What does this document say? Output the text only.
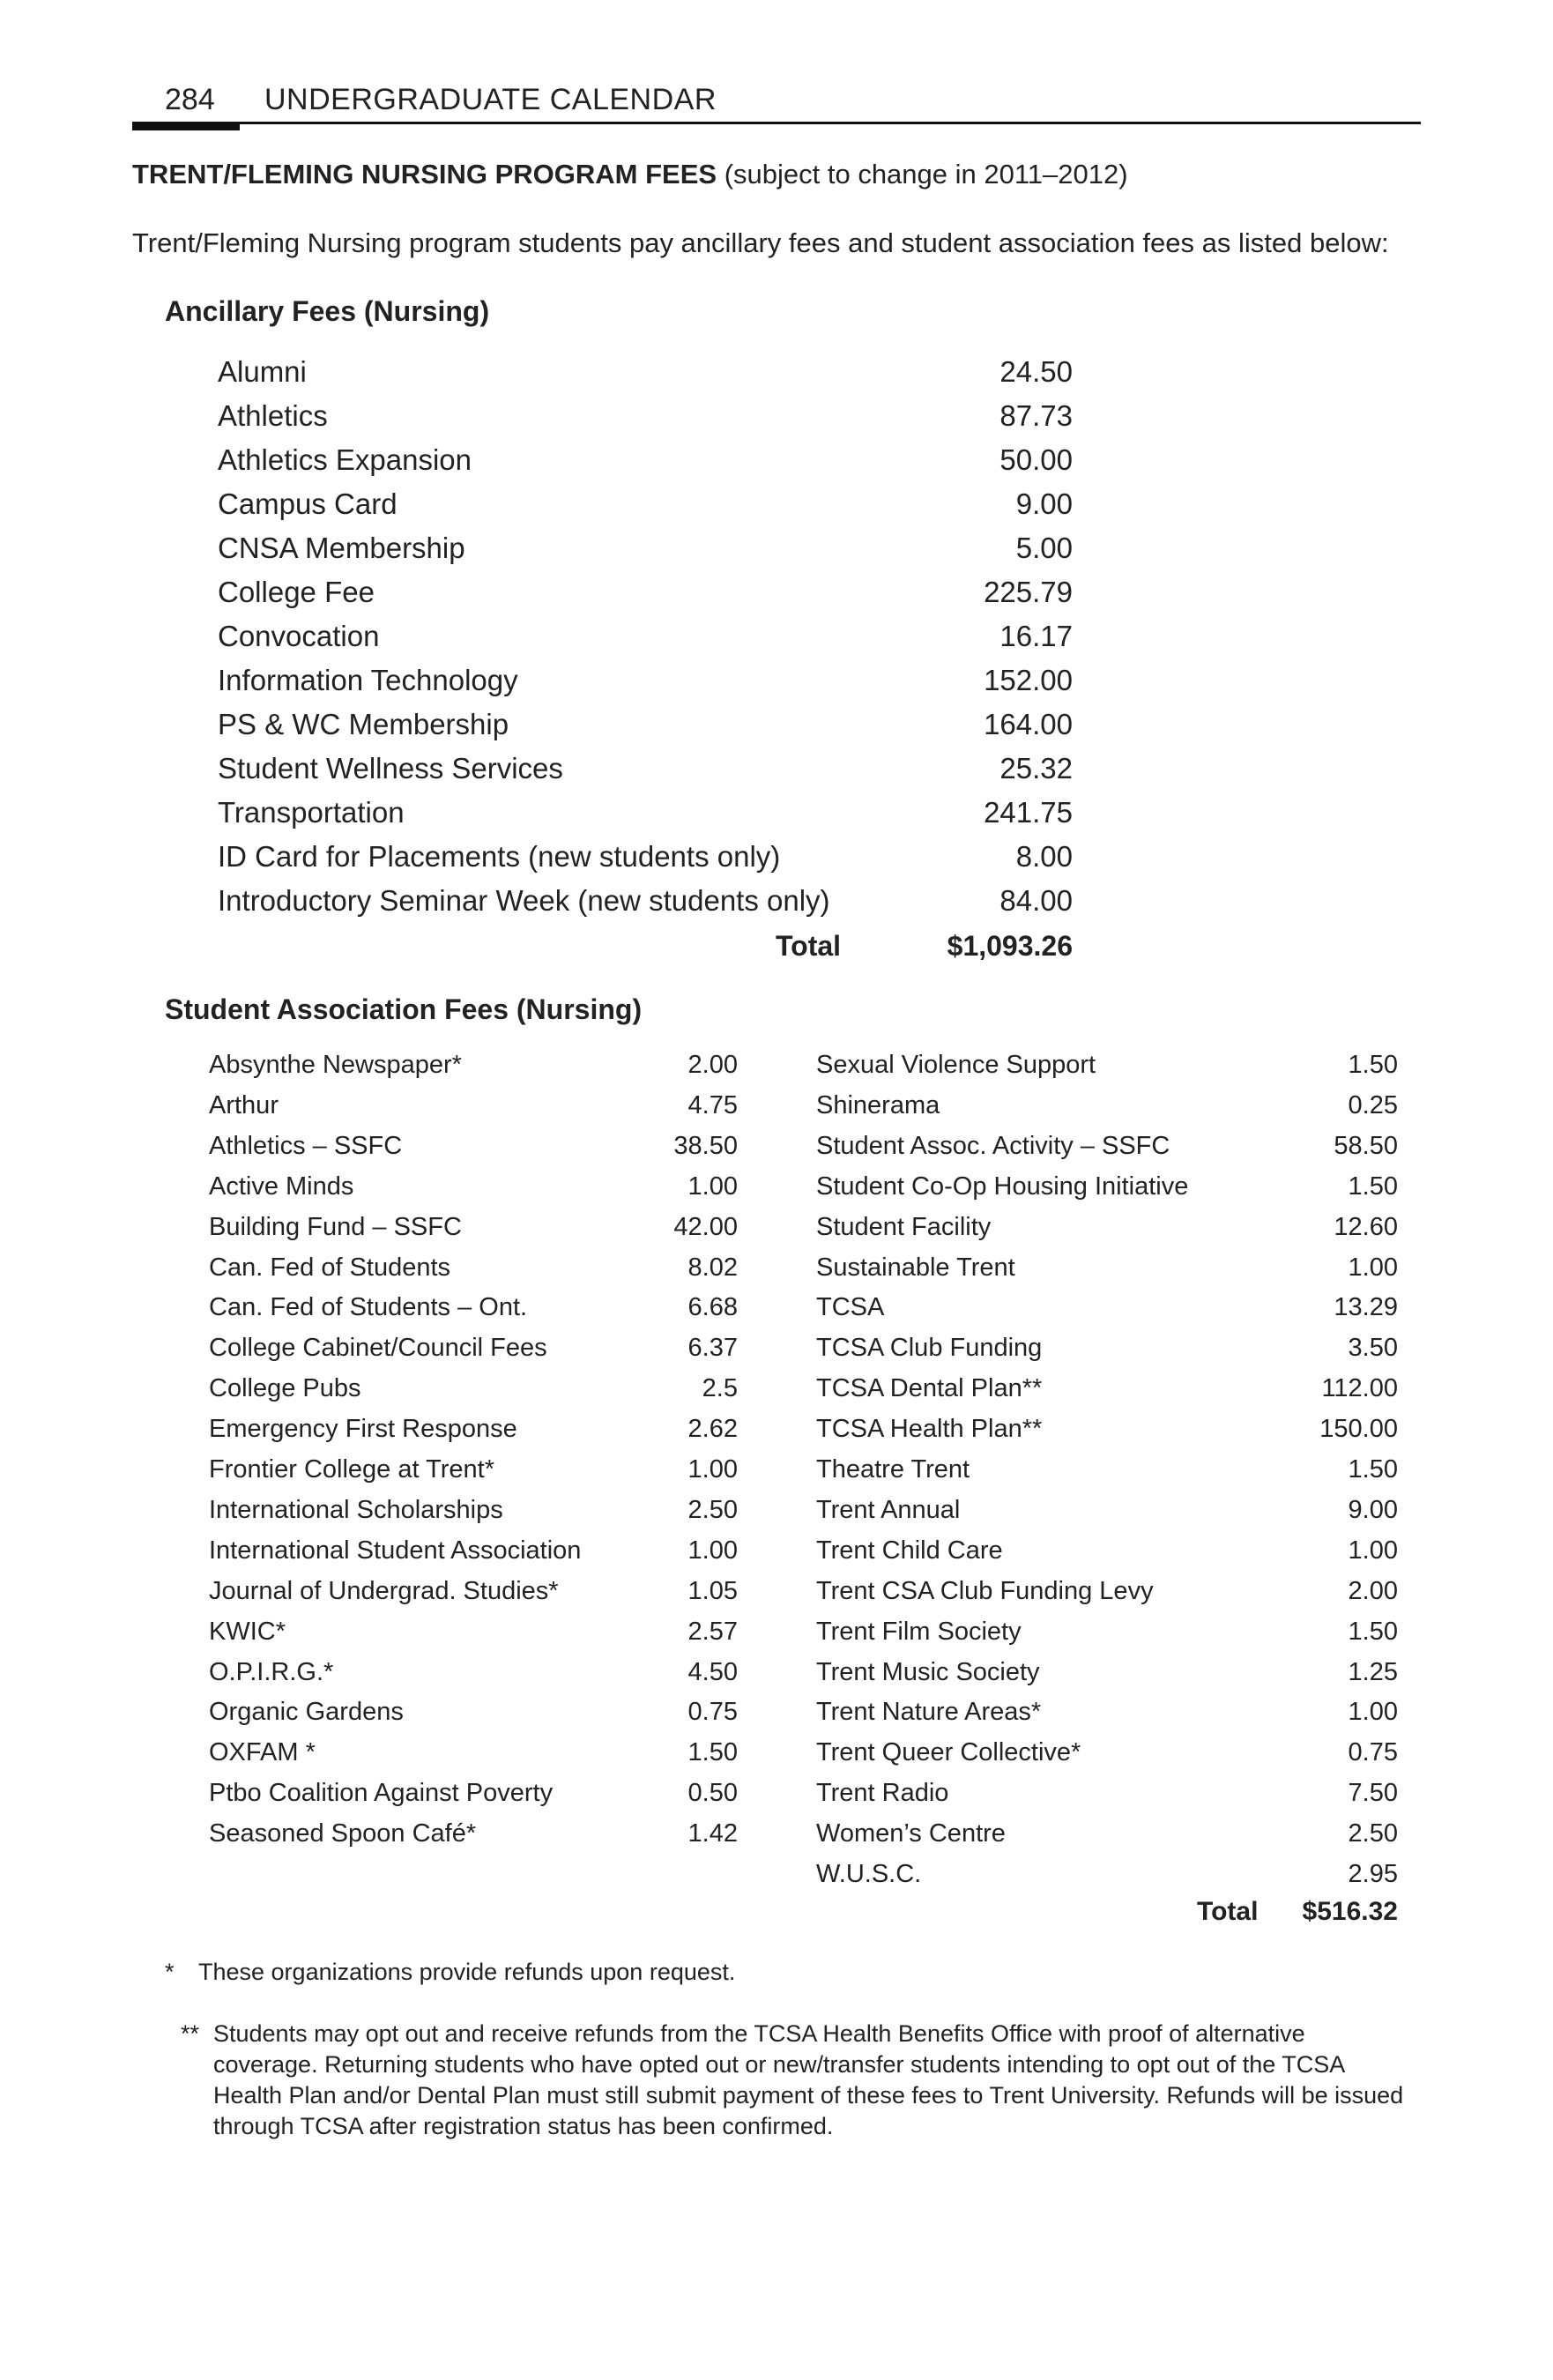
284 UNDERGRADUATE CALENDAR
TRENT/FLEMING NURSING PROGRAM FEES (subject to change in 2011–2012)
Trent/Fleming Nursing program students pay ancillary fees and student association fees as listed below:
Ancillary Fees (Nursing)
Alumni	24.50
Athletics	87.73
Athletics Expansion	50.00
Campus Card	9.00
CNSA Membership	5.00
College Fee	225.79
Convocation	16.17
Information Technology	152.00
PS & WC Membership	164.00
Student Wellness Services	25.32
Transportation	241.75
ID Card for Placements (new students only)	8.00
Introductory Seminar Week (new students only)	84.00
Total	$1,093.26
Student Association Fees (Nursing)
Absynthe Newspaper*	2.00
Arthur	4.75
Athletics – SSFC	38.50
Active Minds	1.00
Building Fund – SSFC	42.00
Can. Fed of Students	8.02
Can. Fed of Students – Ont.	6.68
College Cabinet/Council Fees	6.37
College Pubs	2.5
Emergency First Response	2.62
Frontier College at Trent*	1.00
International Scholarships	2.50
International Student Association	1.00
Journal of Undergrad. Studies*	1.05
KWIC*	2.57
O.P.I.R.G.*	4.50
Organic Gardens	0.75
OXFAM *	1.50
Ptbo Coalition Against Poverty	0.50
Seasoned Spoon Café*	1.42
Sexual Violence Support	1.50
Shinerama	0.25
Student Assoc. Activity – SSFC	58.50
Student Co-Op Housing Initiative	1.50
Student Facility	12.60
Sustainable Trent	1.00
TCSA	13.29
TCSA Club Funding	3.50
TCSA Dental Plan**	112.00
TCSA Health Plan**	150.00
Theatre Trent	1.50
Trent Annual	9.00
Trent Child Care	1.00
Trent CSA Club Funding Levy	2.00
Trent Film Society	1.50
Trent Music Society	1.25
Trent Nature Areas*	1.00
Trent Queer Collective*	0.75
Trent Radio	7.50
Women’s Centre	2.50
W.U.S.C.	2.95
Total $516.32
* These organizations provide refunds upon request.
** Students may opt out and receive refunds from the TCSA Health Benefits Office with proof of alternative coverage. Returning students who have opted out or new/transfer students intending to opt out of the TCSA Health Plan and/or Dental Plan must still submit payment of these fees to Trent University. Refunds will be issued through TCSA after registration status has been confirmed.
